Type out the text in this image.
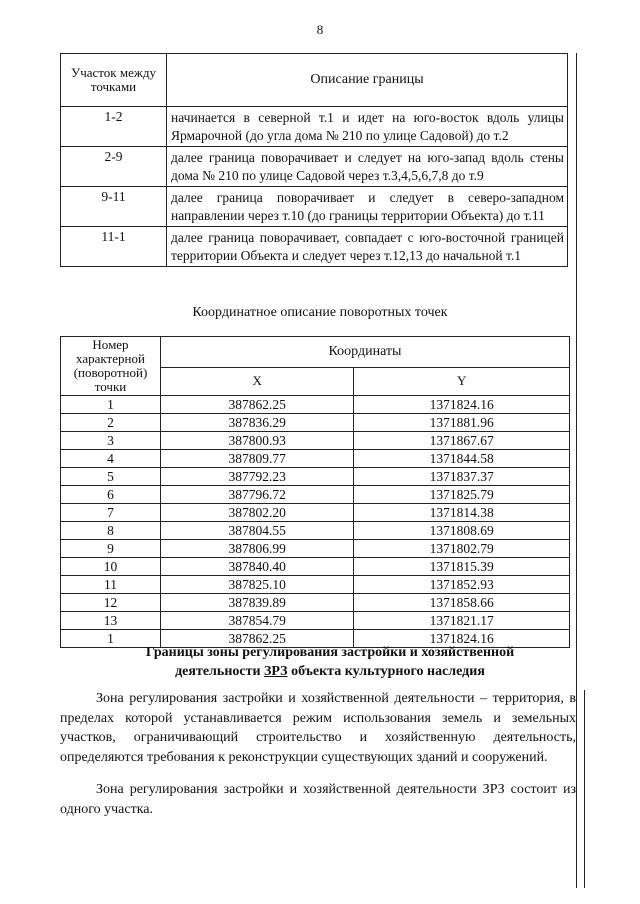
8
Участок между точками	Описание границы
1-2	начинается в северной т.1 и идет на юго-восток вдоль улицы Ярмарочной (до угла дома № 210 по улице Садовой) до т.2
2-9	далее граница поворачивает и следует на юго-запад вдоль стены дома № 210 по улице Садовой через т.3,4,5,6,7,8 до т.9
9-11	далее граница поворачивает и следует в северо-западном направлении через т.10 (до границы территории Объекта) до т.11
11-1	далее граница поворачивает, совпадает с юго-восточной границей территории Объекта и следует через т.12,13 до начальной т.1
Координатное описание поворотных точек
Номер характерной (поворотной) точки	Координаты	
	X	Y
1	387862.25	1371824.16
2	387836.29	1371881.96
3	387800.93	1371867.67
4	387809.77	1371844.58
5	387792.23	1371837.37
6	387796.72	1371825.79
7	387802.20	1371814.38
8	387804.55	1371808.69
9	387806.99	1371802.79
10	387840.40	1371815.39
11	387825.10	1371852.93
12	387839.89	1371858.66
13	387854.79	1371821.17
1	387862.25	1371824.16
Границы зоны регулирования застройки и хозяйственной
деятельности ЗРЗ объекта культурного наследия

Зона регулирования застройки и хозяйственной деятельности – территория, в пределах которой устанавливается режим использования земель и земельных участков, ограничивающий строительство и хозяйственную деятельность, определяются требования к реконструкции существующих зданий и сооружений.

Зона регулирования застройки и хозяйственной деятельности ЗРЗ состоит из одного участка.
